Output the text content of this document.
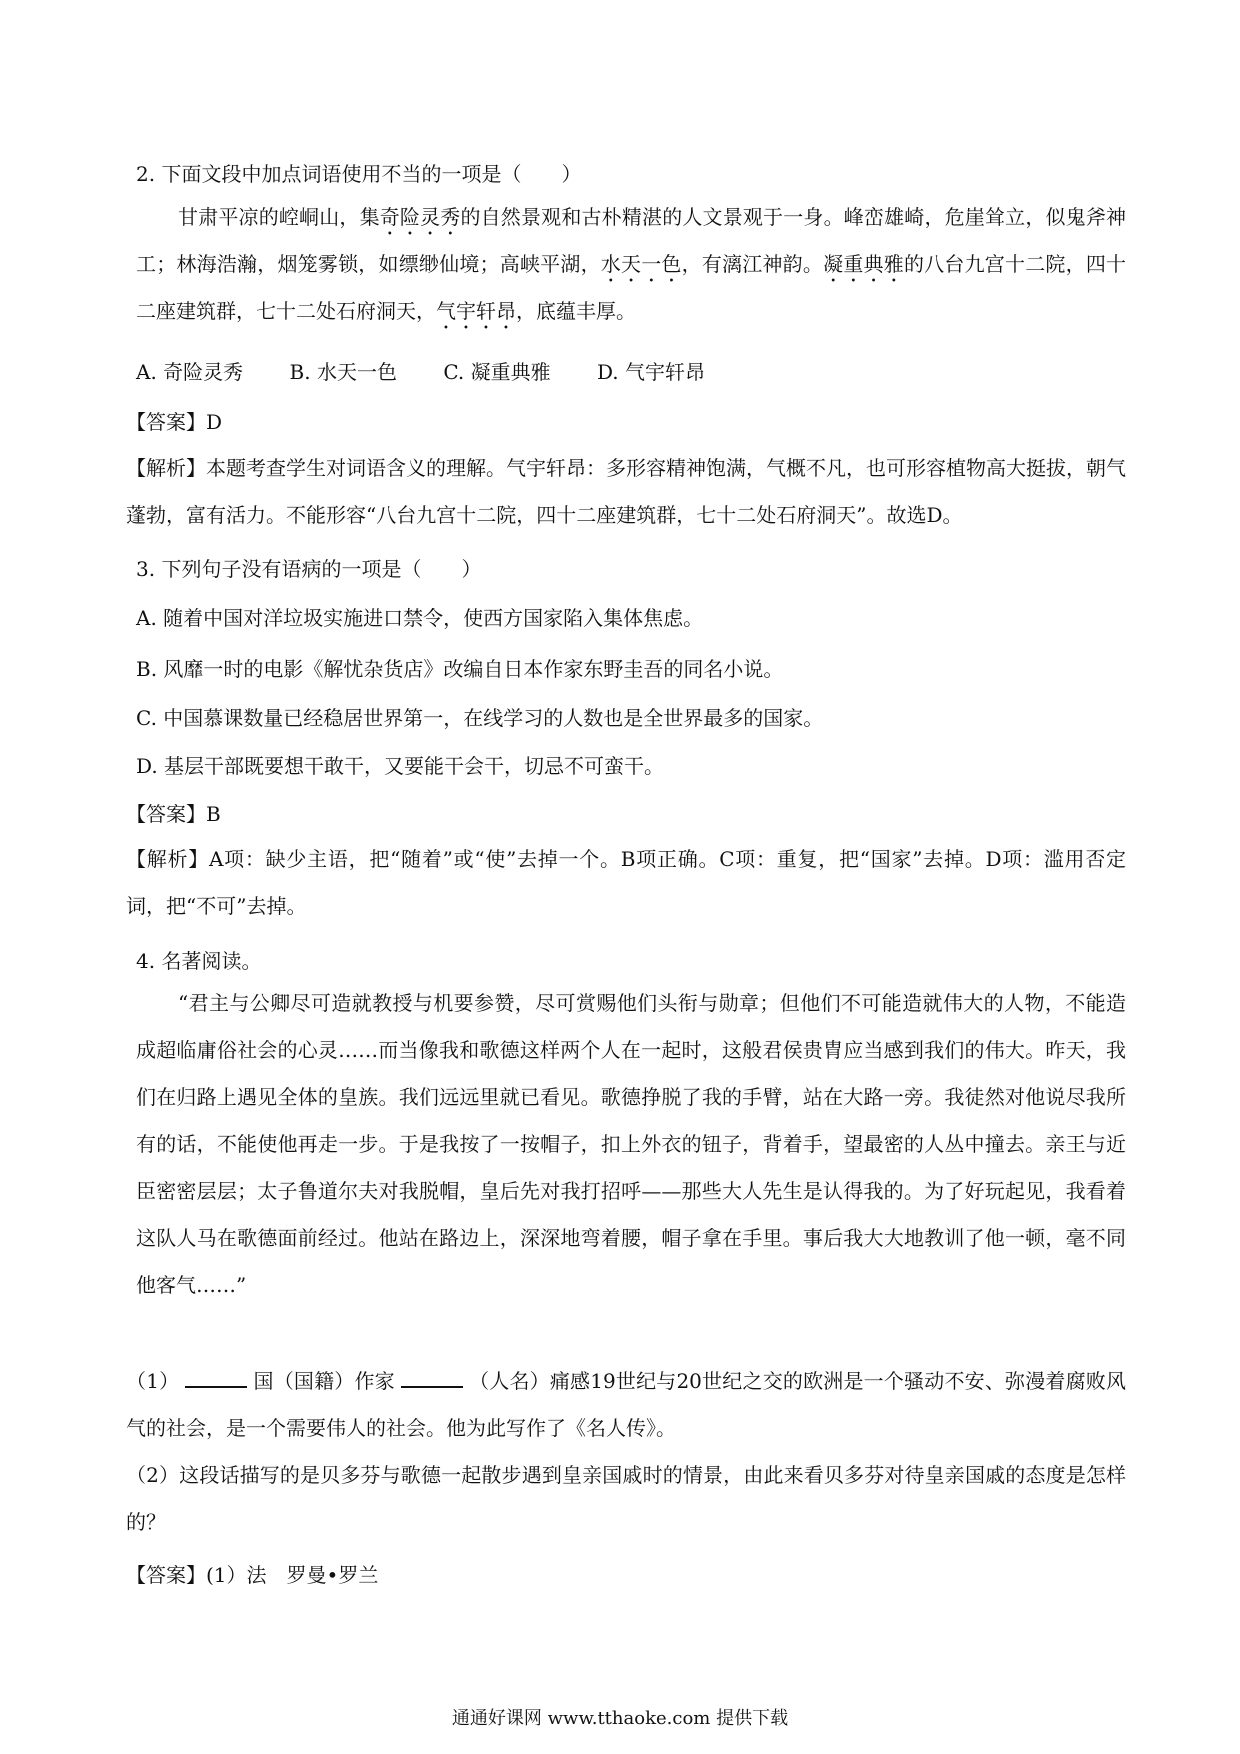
2. 下面文段中加点词语使用不当的一项是（　　）
甘肃平凉的崆峒山，集奇险灵秀的自然景观和古朴精湛的人文景观于一身。峰峦雄崎，危崖耸立，似鬼斧神工；林海浩瀚，烟笼雾锁，如缥缈仙境；高峡平湖，水天一色，有漓江神韵。凝重典雅的八台九宫十二院，四十二座建筑群，七十二处石府洞天，气宇轩昂，底蕴丰厚。
A. 奇险灵秀 B. 水天一色 C. 凝重典雅 D. 气宇轩昂
【答案】D
【解析】本题考查学生对词语含义的理解。气宇轩昂：多形容精神饱满，气概不凡，也可形容植物高大挺拔，朝气蓬勃，富有活力。不能形容“八台九宫十二院，四十二座建筑群，七十二处石府洞天”。故选D。
3. 下列句子没有语病的一项是（　　）
A. 随着中国对洋垃圾实施进口禁令，使西方国家陷入集体焦虑。
B. 风靡一时的电影《解忧杂货店》改编自日本作家东野圭吾的同名小说。
C. 中国慕课数量已经稳居世界第一，在线学习的人数也是全世界最多的国家。
D. 基层干部既要想干敢干，又要能干会干，切忌不可蛮干。
【答案】B
【解析】A项：缺少主语，把“随着”或“使”去掉一个。B项正确。C项：重复，把“国家”去掉。D项：滥用否定词，把“不可”去掉。
4. 名著阅读。
“君主与公卿尽可造就教授与机要参赞，尽可赏赐他们头衔与勋章；但他们不可能造就伟大的人物，不能造成超临庸俗社会的心灵……而当像我和歌德这样两个人在一起时，这般君侯贵胄应当感到我们的伟大。昨天，我们在归路上遇见全体的皇族。我们远远里就已看见。歌德挣脱了我的手臂，站在大路一旁。我徒然对他说尽我所有的话，不能使他再走一步。于是我按了一按帽子，扣上外衣的钮子，背着手，望最密的人丛中撞去。亲王与近臣密密层层；太子鲁道尔夫对我脱帽，皇后先对我打招呼——那些大人先生是认得我的。为了好玩起见，我看着这队人马在歌德面前经过。他站在路边上，深深地弯着腰，帽子拿在手里。事后我大大地教训了他一顿，毫不同他客气……”
（1）	国（国籍）作家	（人名）痛感19世纪与20世纪之交的欧洲是一个骚动不安、弥漫着腐败风气的社会，是一个需要伟人的社会。他为此写作了《名人传》。
（2）这段话描写的是贝多芬与歌德一起散步遇到皇亲国戚时的情景，由此来看贝多芬对待皇亲国戚的态度是怎样的？
【答案】(1）法　罗曼•罗兰
通通好课网 www.tthaoke.com 提供下载
